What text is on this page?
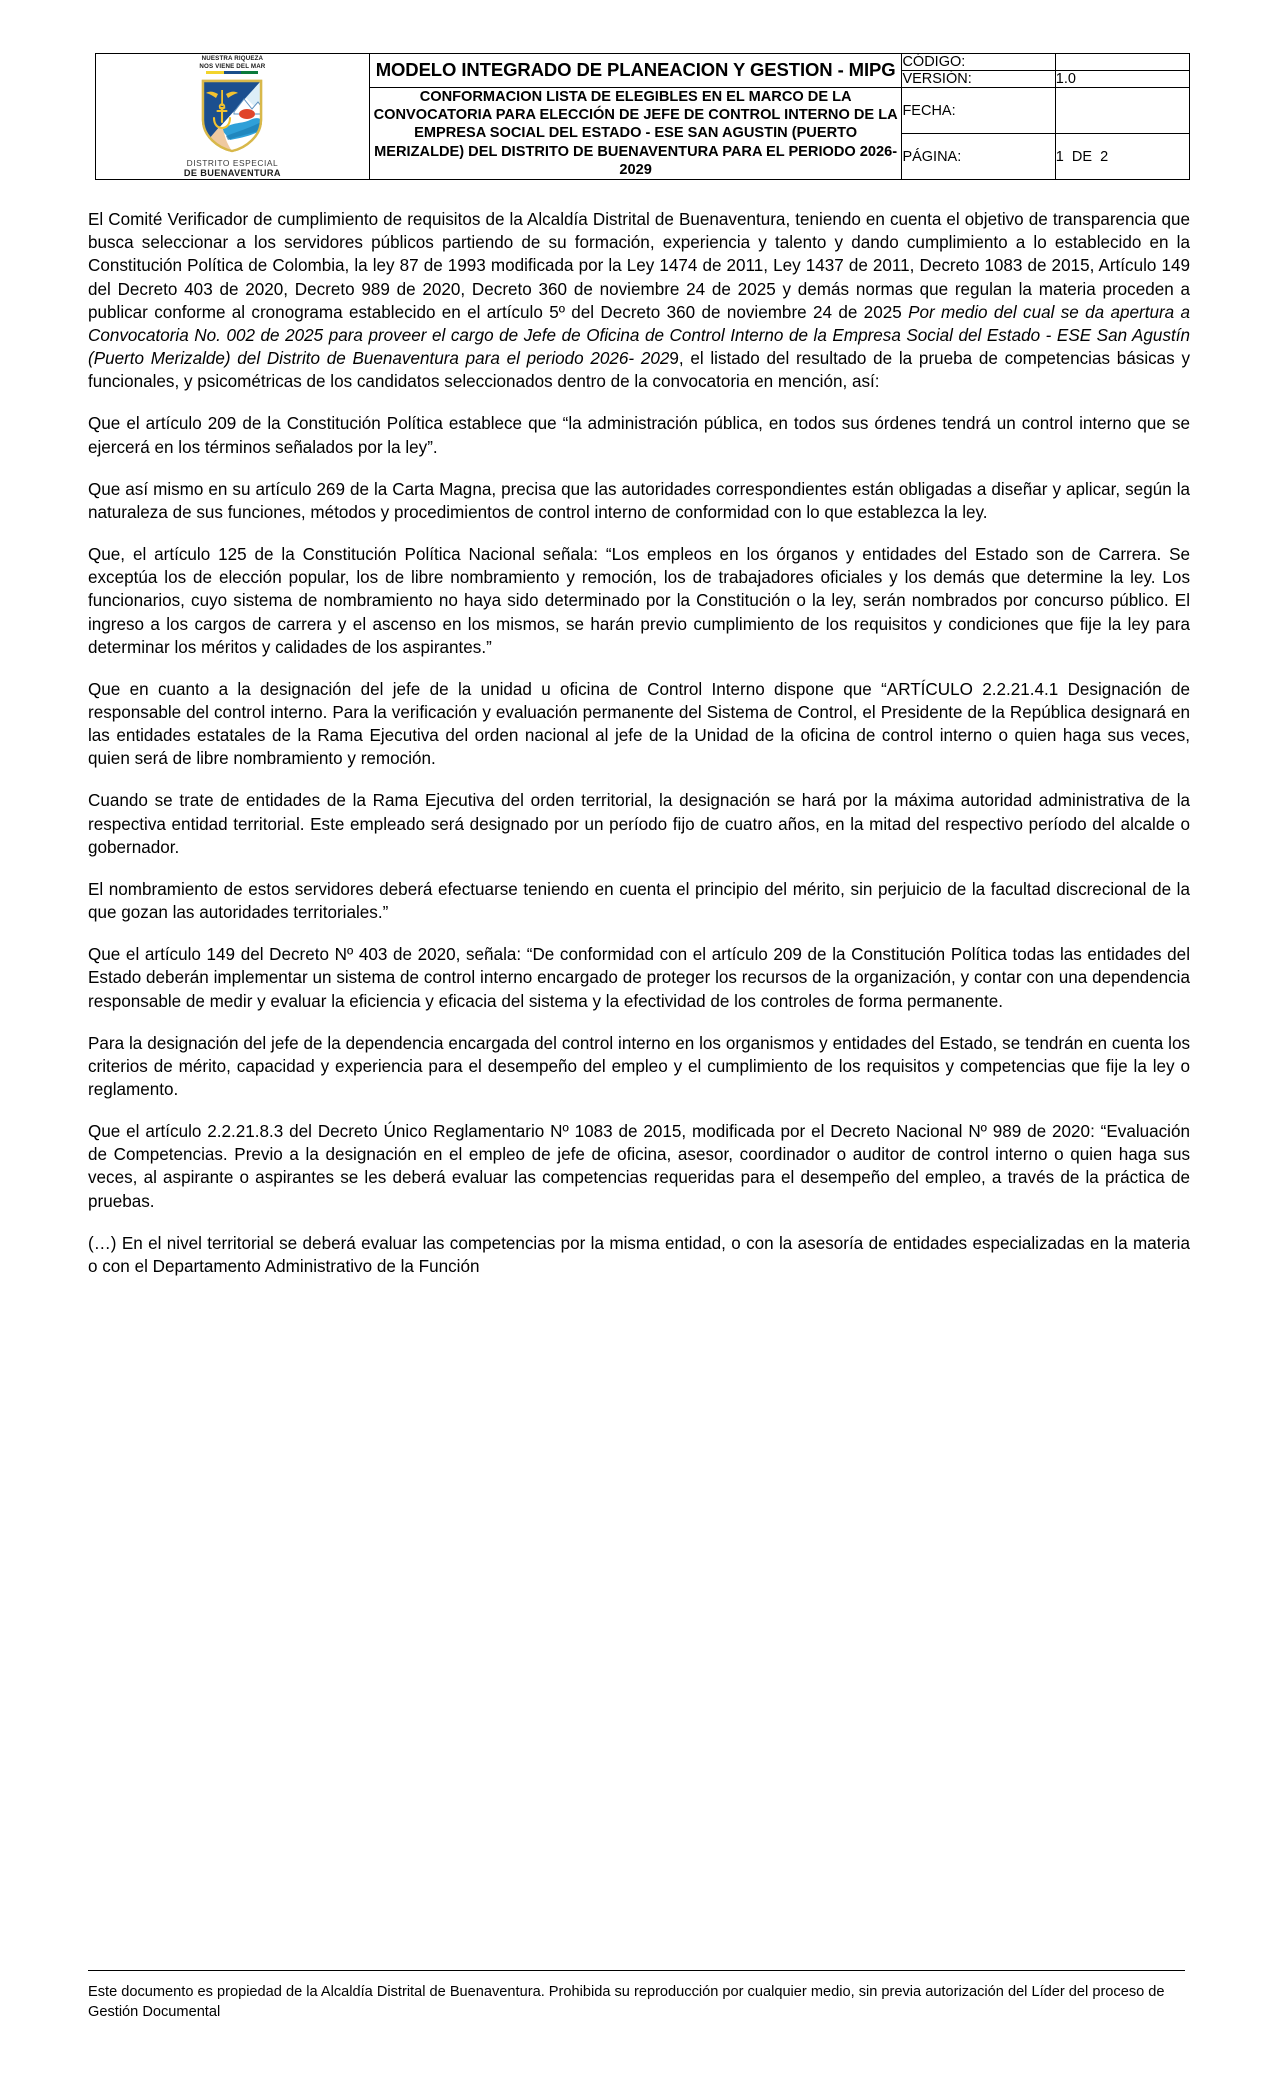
NUESTRA RIQUEZA
NOS VIENE DEL MAR
DISTRITO ESPECIAL
DE BUENAVENTURA	MODELO INTEGRADO DE PLANEACION Y GESTION - MIPG	CÓDIGO:	
		VERSIÓN:	1.0
	CONFORMACION LISTA DE ELEGIBLES EN EL MARCO DE LA CONVOCATORIA PARA ELECCIÓN DE JEFE DE CONTROL INTERNO DE LA EMPRESA SOCIAL DEL ESTADO - ESE SAN AGUSTIN (PUERTO MERIZALDE) DEL DISTRITO DE BUENAVENTURA PARA EL PERIODO 2026-2029	FECHA:	
		PÁGINA:	1  DE  2

El Comité Verificador de cumplimiento de requisitos de la Alcaldía Distrital de Buenaventura, teniendo en cuenta el objetivo de transparencia que busca seleccionar a los servidores públicos partiendo de su formación, experiencia y talento y dando cumplimiento a lo establecido en la Constitución Política de Colombia, la ley 87 de 1993 modificada por la Ley 1474 de 2011, Ley 1437 de 2011, Decreto 1083 de 2015, Artículo 149 del Decreto 403 de 2020, Decreto 989 de 2020, Decreto 360 de noviembre 24 de 2025 y demás normas que regulan la materia proceden a publicar conforme al cronograma establecido en el artículo 5º del Decreto 360 de noviembre 24 de 2025 Por medio del cual se da apertura a Convocatoria No. 002 de 2025 para proveer el cargo de Jefe de Oficina de Control Interno de la Empresa Social del Estado - ESE San Agustín (Puerto Merizalde) del Distrito de Buenaventura para el periodo 2026- 2029, el listado del resultado de la prueba de competencias básicas y funcionales, y psicométricas de los candidatos seleccionados dentro de la convocatoria en mención, así:

Que el artículo 209 de la Constitución Política establece que “la administración pública, en todos sus órdenes tendrá un control interno que se ejercerá en los términos señalados por la ley”.

Que así mismo en su artículo 269 de la Carta Magna, precisa que las autoridades correspondientes están obligadas a diseñar y aplicar, según la naturaleza de sus funciones, métodos y procedimientos de control interno de conformidad con lo que establezca la ley.

Que, el artículo 125 de la Constitución Política Nacional señala: “Los empleos en los órganos y entidades del Estado son de Carrera. Se exceptúa los de elección popular, los de libre nombramiento y remoción, los de trabajadores oficiales y los demás que determine la ley. Los funcionarios, cuyo sistema de nombramiento no haya sido determinado por la Constitución o la ley, serán nombrados por concurso público. El ingreso a los cargos de carrera y el ascenso en los mismos, se harán previo cumplimiento de los requisitos y condiciones que fije la ley para determinar los méritos y calidades de los aspirantes.”

Que en cuanto a la designación del jefe de la unidad u oficina de Control Interno dispone que “ARTÍCULO 2.2.21.4.1 Designación de responsable del control interno. Para la verificación y evaluación permanente del Sistema de Control, el Presidente de la República designará en las entidades estatales de la Rama Ejecutiva del orden nacional al jefe de la Unidad de la oficina de control interno o quien haga sus veces, quien será de libre nombramiento y remoción.

Cuando se trate de entidades de la Rama Ejecutiva del orden territorial, la designación se hará por la máxima autoridad administrativa de la respectiva entidad territorial. Este empleado será designado por un período fijo de cuatro años, en la mitad del respectivo período del alcalde o gobernador.

El nombramiento de estos servidores deberá efectuarse teniendo en cuenta el principio del mérito, sin perjuicio de la facultad discrecional de la que gozan las autoridades territoriales.”

Que el artículo 149 del Decreto Nº 403 de 2020, señala: “De conformidad con el artículo 209 de la Constitución Política todas las entidades del Estado deberán implementar un sistema de control interno encargado de proteger los recursos de la organización, y contar con una dependencia responsable de medir y evaluar la eficiencia y eficacia del sistema y la efectividad de los controles de forma permanente.

Para la designación del jefe de la dependencia encargada del control interno en los organismos y entidades del Estado, se tendrán en cuenta los criterios de mérito, capacidad y experiencia para el desempeño del empleo y el cumplimiento de los requisitos y competencias que fije la ley o reglamento.

Que el artículo 2.2.21.8.3 del Decreto Único Reglamentario Nº 1083 de 2015, modificada por el Decreto Nacional Nº 989 de 2020: “Evaluación de Competencias. Previo a la designación en el empleo de jefe de oficina, asesor, coordinador o auditor de control interno o quien haga sus veces, al aspirante o aspirantes se les deberá evaluar las competencias requeridas para el desempeño del empleo, a través de la práctica de pruebas.

(…) En el nivel territorial se deberá evaluar las competencias por la misma entidad, o con la asesoría de entidades especializadas en la materia o con el Departamento Administrativo de la Función

Este documento es propiedad de la Alcaldía Distrital de Buenaventura. Prohibida su reproducción por cualquier medio, sin previa autorización del Líder del proceso de Gestión Documental
